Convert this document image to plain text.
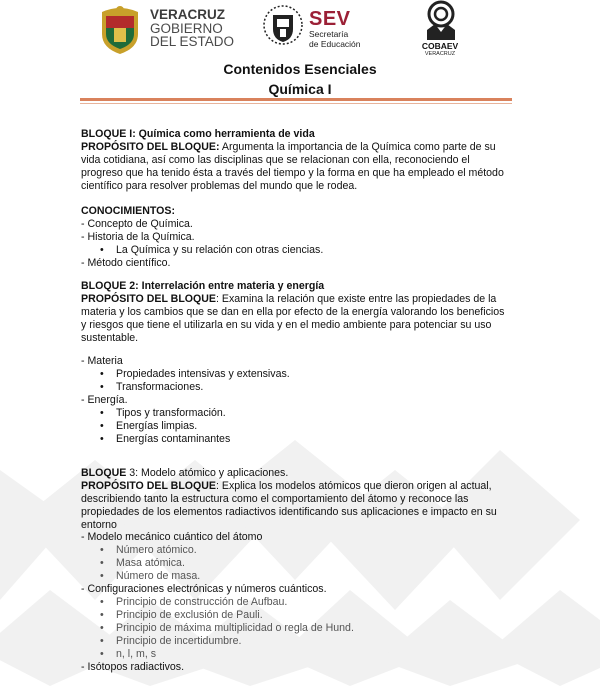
VERACRUZ
GOBIERNO
DEL ESTADO
SEV
Secretaría
de Educación	COBAEV
VERACRUZ
Contenidos Esenciales
Química I
BLOQUE I: Química como herramienta de vida
PROPÓSITO DEL BLOQUE: Argumenta la importancia de la Química como parte de su
vida cotidiana, así como las disciplinas que se relacionan con ella, reconociendo el
progreso que ha tenido ésta a través del tiempo y la forma en que ha empleado el método
científico para resolver problemas del mundo que le rodea.
CONOCIMIENTOS:
- Concepto de Química.
- Historia de la Química.
• La Química y su relación con otras ciencias.
- Método científico.
BLOQUE 2: Interrelación entre materia y energía
PROPÓSITO DEL BLOQUE: Examina la relación que existe entre las propiedades de la
materia y los cambios que se dan en ella por efecto de la energía valorando los beneficios
y riesgos que tiene el utilizarla en su vida y en el medio ambiente para potenciar su uso
sustentable.
- Materia
• Propiedades intensivas y extensivas.
• Transformaciones.
- Energía.
• Tipos y transformación.
• Energías limpias.
• Energías contaminantes
BLOQUE 3: Modelo atómico y aplicaciones.
PROPÓSITO DEL BLOQUE: Explica los modelos atómicos que dieron origen al actual,
describiendo tanto la estructura como el comportamiento del átomo y reconoce las
propiedades de los elementos radiactivos identificando sus aplicaciones e impacto en su
entorno
- Modelo mecánico cuántico del átomo
• Número atómico.
• Masa atómica.
• Número de masa.
- Configuraciones electrónicas y números cuánticos.
• Principio de construcción de Aufbau.
• Principio de exclusión de Pauli.
• Principio de máxima multiplicidad o regla de Hund.
• Principio de incertidumbre.
• n, l, m, s
- Isótopos radiactivos.
